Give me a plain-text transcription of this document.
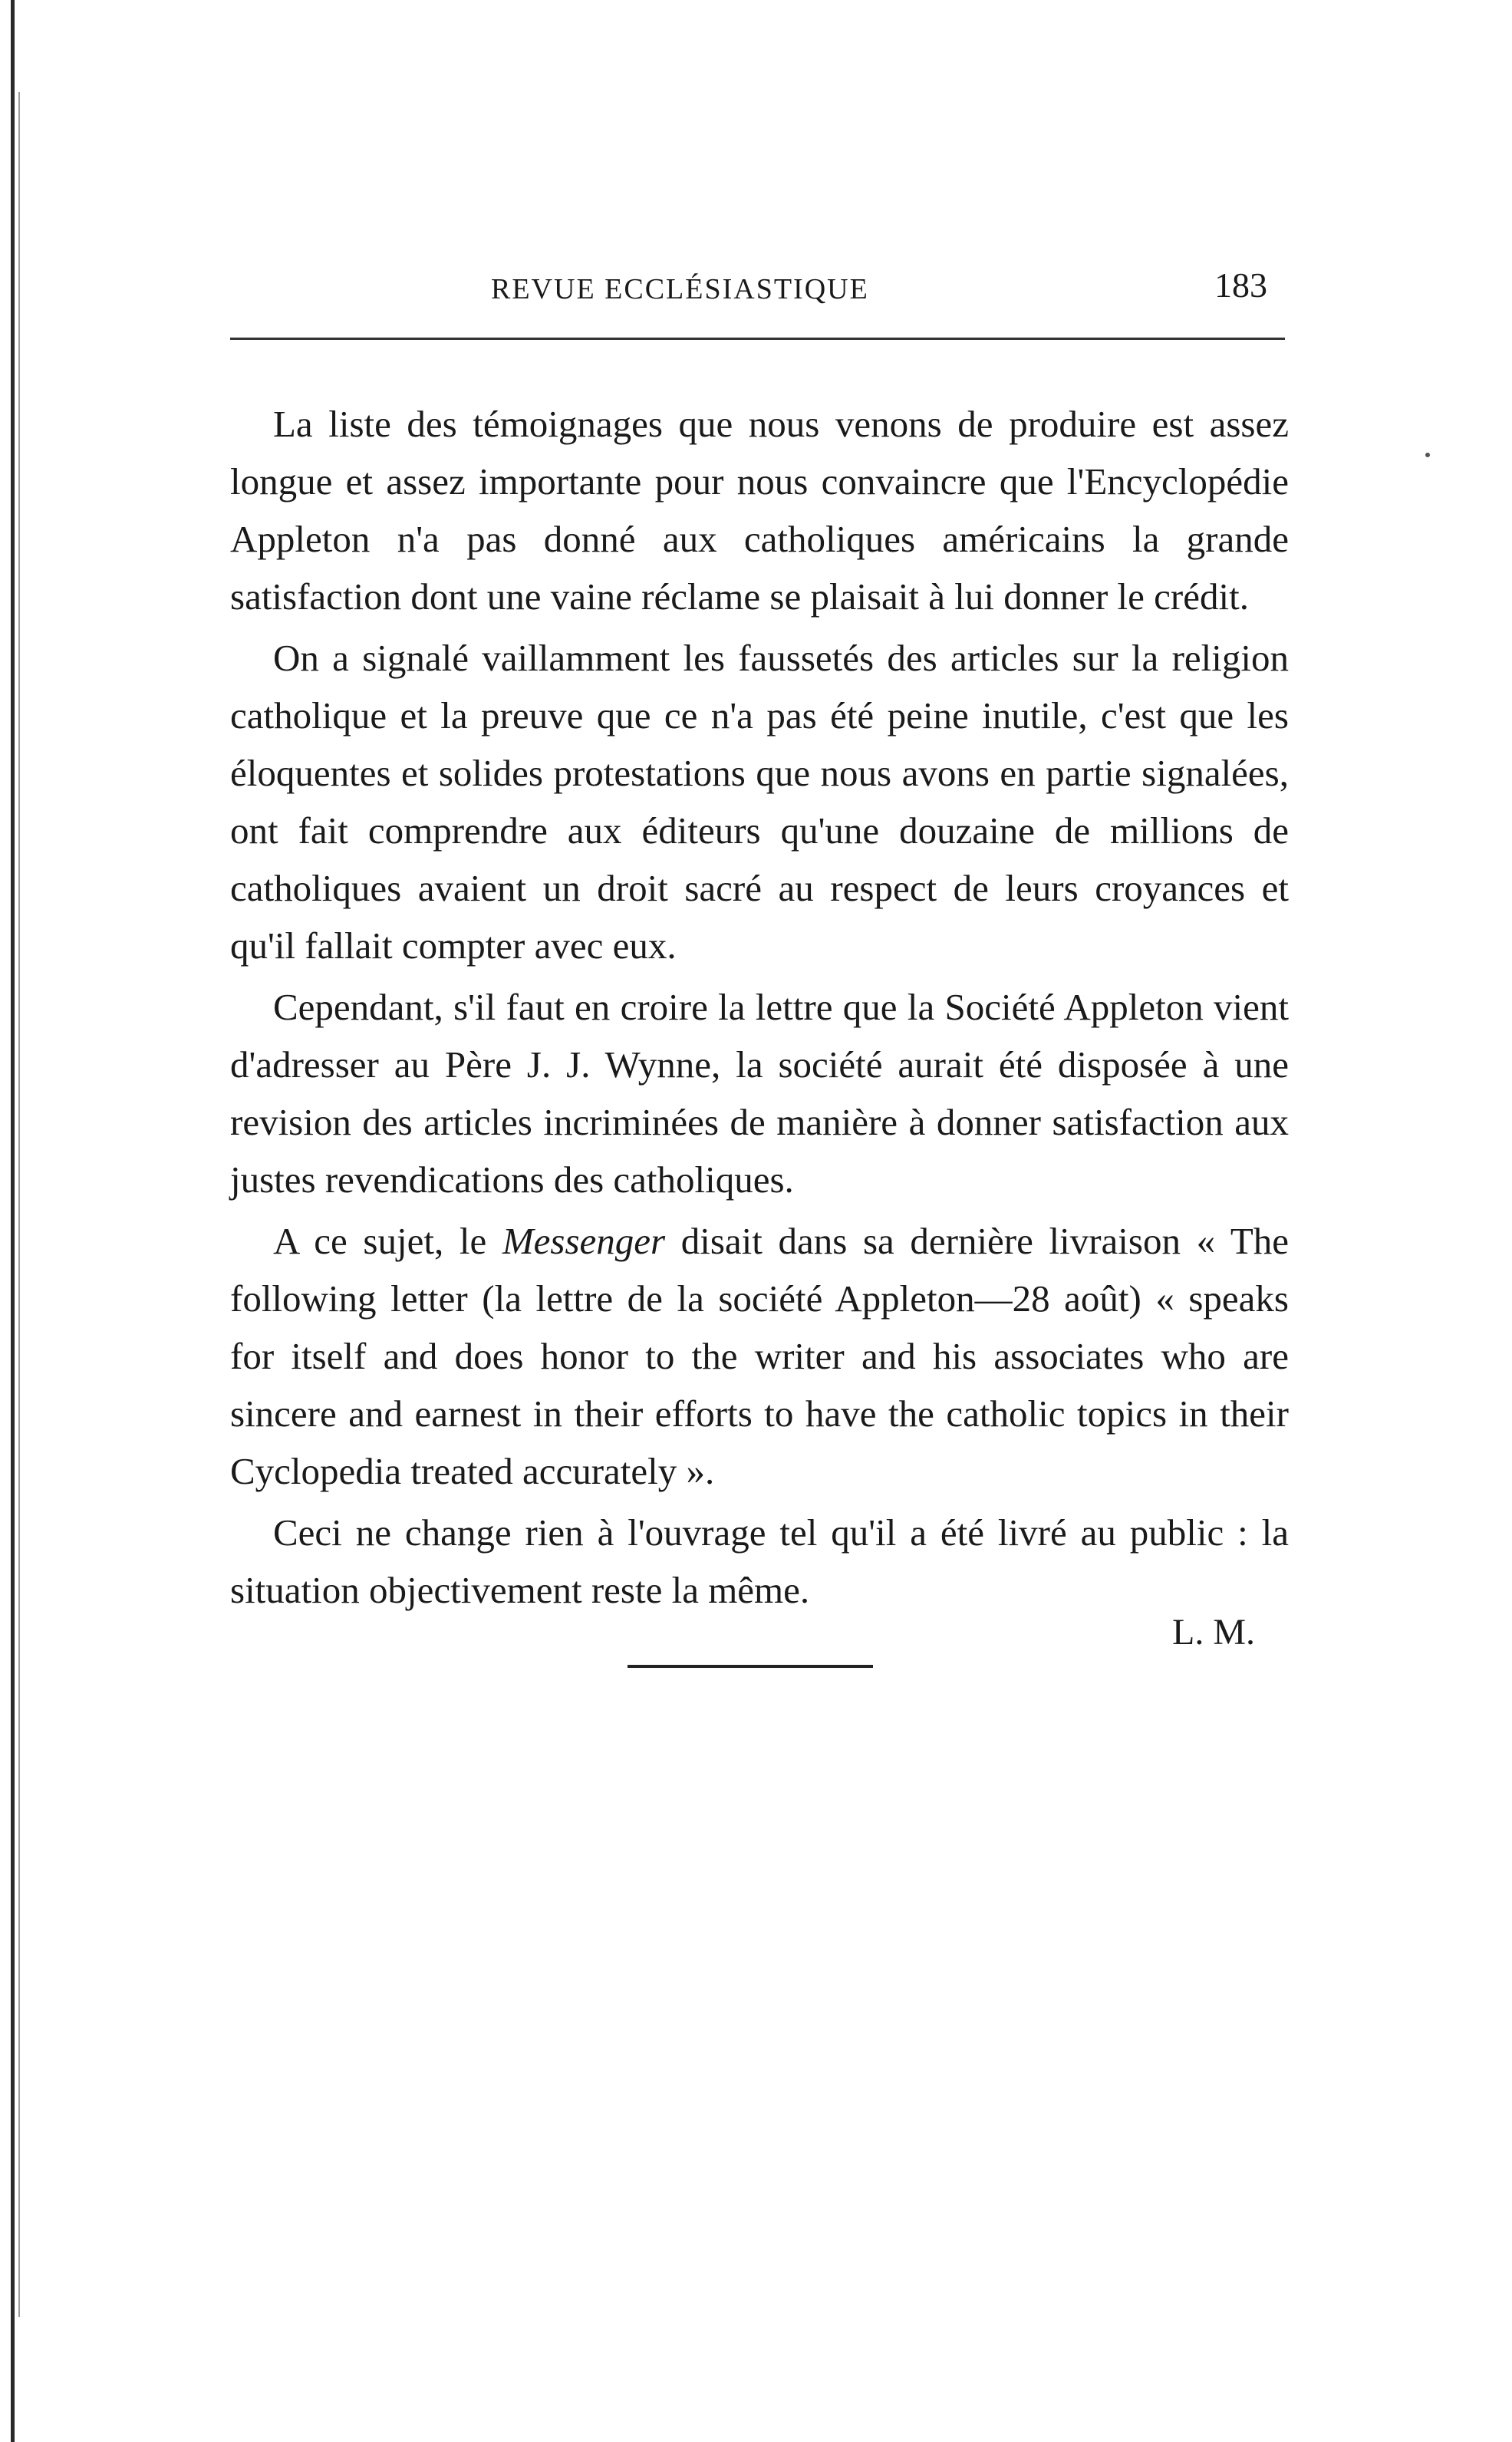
REVUE ECCLÉSIASTIQUE	183

La liste des témoignages que nous venons de produire est assez longue et assez importante pour nous convaincre que l'Encyclopédie Appleton n'a pas donné aux catholiques américains la grande satisfaction dont une vaine réclame se plaisait à lui donner le crédit.

On a signalé vaillamment les faussetés des articles sur la religion catholique et la preuve que ce n'a pas été peine inutile, c'est que les éloquentes et solides protestations que nous avons en partie signalées, ont fait comprendre aux éditeurs qu'une douzaine de millions de catholiques avaient un droit sacré au respect de leurs croyances et qu'il fallait compter avec eux.

Cependant, s'il faut en croire la lettre que la Société Appleton vient d'adresser au Père J. J. Wynne, la société aurait été disposée à une revision des articles incriminées de manière à donner satisfaction aux justes revendications des catholiques.

A ce sujet, le Messenger disait dans sa dernière livraison « The following letter (la lettre de la société Appleton—28 août) « speaks for itself and does honor to the writer and his associates who are sincere and earnest in their efforts to have the catholic topics in their Cyclopedia treated accurately ».

Ceci ne change rien à l'ouvrage tel qu'il a été livré au public : la situation objectivement reste la même.

L. M.
